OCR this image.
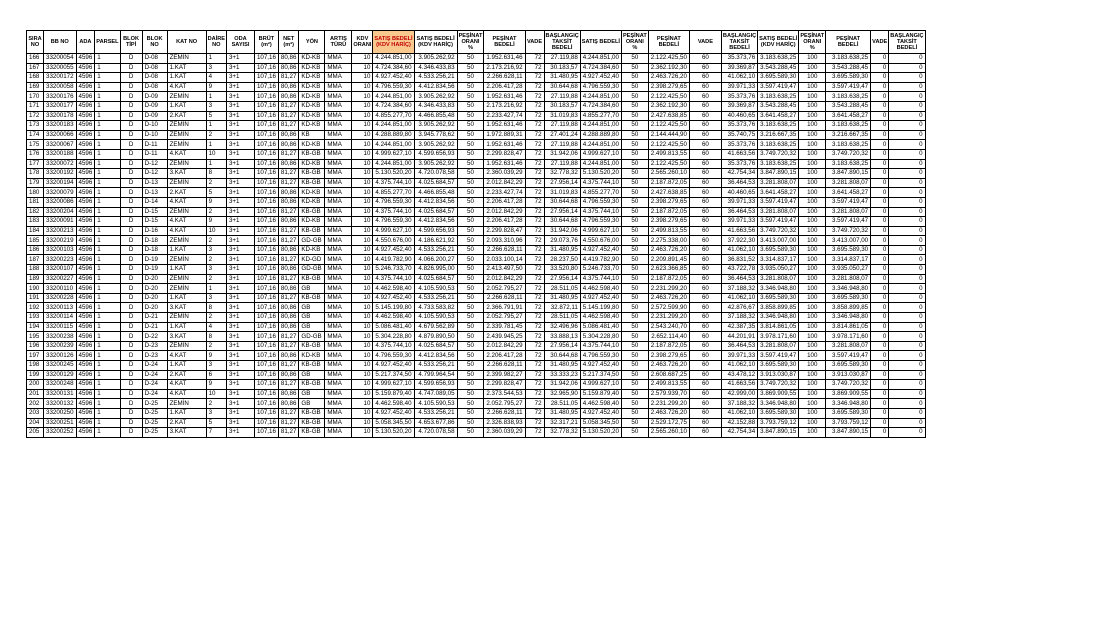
SIRA NO	BB NO	ADA	PARSEL	BLOK TİPİ	BLOK NO	KAT NO	DAİRE NO	ODA SAYISI	BRÜT (m²)	NET (m²)	YÖN	ARTIŞ TÜRÜ	KDV ORANI	SATIŞ BEDELİ (KDV HARİÇ)	SATIŞ BEDELİ (KDV HARİÇ)	PEŞİNAT ORANI %	PEŞİNAT BEDELİ	VADE	BAŞLANGIÇ TAKSİT BEDELİ	SATIŞ BEDELİ	PEŞİNAT ORANI %	PEŞİNAT BEDELİ	VADE	BAŞLANGIÇ TAKSİT BEDELİ	SATIŞ BEDELİ (KDV HARİÇ)	PEŞİNAT ORANI %	PEŞİNAT BEDELİ	VADE	BAŞLANGIÇ TAKSİT BEDELİ
166	33200054	4596	1	D	D-08	ZEMİN	1	3+1	107,16	80,86	KD-KB	MMA	10	4.244.851,00	3.905.262,92	50	1.952.631,46	72	27.119,88	4.244.851,00	50	2.122.425,50	60	35.373,76	3.183.638,25	100	3.183.638,25	0	0
167	33200055	4596	1	D	D-08	1.KAT	3	3+1	107,16	80,86	KD-KB	MMA	10	4.724.384,60	4.346.433,83	50	2.173.216,92	72	30.183,57	4.724.384,60	50	2.362.192,30	60	39.369,87	3.543.288,45	100	3.543.288,45	0	0
168	33200172	4596	1	D	D-08	1.KAT	4	3+1	107,16	81,27	KD-KB	MMA	10	4.927.452,40	4.533.256,21	50	2.266.628,11	72	31.480,95	4.927.452,40	50	2.463.726,20	60	41.062,10	3.695.589,30	100	3.695.589,30	0	0
169	33200058	4596	1	D	D-08	4.KAT	9	3+1	107,16	80,86	KD-KB	MMA	10	4.796.559,30	4.412.834,56	50	2.206.417,28	72	30.644,68	4.796.559,30	50	2.398.279,65	60	39.971,33	3.597.419,47	100	3.597.419,47	0	0
170	33200176	4596	1	D	D-09	ZEMİN	1	3+1	107,16	80,86	KD-KB	MMA	10	4.244.851,00	3.905.262,92	50	1.952.631,46	72	27.119,88	4.244.851,00	50	2.122.425,50	60	35.373,76	3.183.638,25	100	3.183.638,25	0	0
171	33200177	4596	1	D	D-09	1.KAT	3	3+1	107,16	81,27	KD-KB	MMA	10	4.724.384,60	4.346.433,83	50	2.173.216,92	72	30.183,57	4.724.384,60	50	2.362.192,30	60	39.369,87	3.543.288,45	100	3.543.288,45	0	0
172	33200178	4596	1	D	D-09	2.KAT	5	3+1	107,16	81,27	KD-KB	MMA	10	4.855.277,70	4.466.855,48	50	2.233.427,74	72	31.019,83	4.855.277,70	50	2.427.638,85	60	40.460,65	3.641.458,27	100	3.641.458,27	0	0
173	33200183	4596	1	D	D-10	ZEMİN	1	3+1	107,16	81,27	KD-KB	MMA	10	4.244.851,00	3.905.262,92	50	1.952.631,46	72	27.119,88	4.244.851,00	50	2.122.425,50	60	35.373,76	3.183.638,25	100	3.183.638,25	0	0
174	33200066	4596	1	D	D-10	ZEMİN	2	3+1	107,16	80,86	KB	MMA	10	4.288.889,80	3.945.778,62	50	1.972.889,31	72	27.401,24	4.288.889,80	50	2.144.444,90	60	35.740,75	3.216.667,35	100	3.216.667,35	0	0
175	33200067	4596	1	D	D-11	ZEMİN	1	3+1	107,16	80,86	KD-KB	MMA	10	4.244.851,00	3.905.262,92	50	1.952.631,46	72	27.119,88	4.244.851,00	50	2.122.425,50	60	35.373,76	3.183.638,25	100	3.183.638,25	0	0
176	33200188	4596	1	D	D-11	4.KAT	10	3+1	107,16	81,27	KB-GB	MMA	10	4.999.627,10	4.599.656,93	50	2.299.828,47	72	31.942,06	4.999.627,10	50	2.499.813,55	60	41.663,56	3.749.720,32	100	3.749.720,32	0	0
177	33200072	4596	1	D	D-12	ZEMİN	1	3+1	107,16	80,86	KD-KB	MMA	10	4.244.851,00	3.905.262,92	50	1.952.631,46	72	27.119,88	4.244.851,00	50	2.122.425,50	60	35.373,76	3.183.638,25	100	3.183.638,25	0	0
178	33200192	4596	1	D	D-12	3.KAT	8	3+1	107,16	81,27	KB-GB	MMA	10	5.130.520,20	4.720.078,58	50	2.360.039,29	72	32.778,32	5.130.520,20	50	2.565.260,10	60	42.754,34	3.847.890,15	100	3.847.890,15	0	0
179	33200194	4596	1	D	D-13	ZEMİN	2	3+1	107,16	81,27	KB-GB	MMA	10	4.375.744,10	4.025.684,57	50	2.012.842,29	72	27.956,14	4.375.744,10	50	2.187.872,05	60	36.464,53	3.281.808,07	100	3.281.808,07	0	0
180	33200079	4596	1	D	D-13	2.KAT	5	3+1	107,16	80,86	KD-KB	MMA	10	4.855.277,70	4.466.855,48	50	2.233.427,74	72	31.019,83	4.855.277,70	50	2.427.638,85	60	40.460,65	3.641.458,27	100	3.641.458,27	0	0
181	33200086	4596	1	D	D-14	4.KAT	9	3+1	107,16	80,86	KD-KB	MMA	10	4.796.559,30	4.412.834,56	50	2.206.417,28	72	30.644,68	4.796.559,30	50	2.398.279,65	60	39.971,33	3.597.419,47	100	3.597.419,47	0	0
182	33200204	4596	1	D	D-15	ZEMİN	2	3+1	107,16	81,27	KB-GB	MMA	10	4.375.744,10	4.025.684,57	50	2.012.842,29	72	27.956,14	4.375.744,10	50	2.187.872,05	60	36.464,53	3.281.808,07	100	3.281.808,07	0	0
183	33200091	4596	1	D	D-15	4.KAT	9	3+1	107,16	80,86	KD-KB	MMA	10	4.796.559,30	4.412.834,56	50	2.206.417,28	72	30.644,68	4.796.559,30	50	2.398.279,65	60	39.971,33	3.597.419,47	100	3.597.419,47	0	0
184	33200213	4596	1	D	D-16	4.KAT	10	3+1	107,16	81,27	KB-GB	MMA	10	4.999.627,10	4.599.656,93	50	2.299.828,47	72	31.942,06	4.999.627,10	50	2.499.813,55	60	41.663,56	3.749.720,32	100	3.749.720,32	0	0
185	33200219	4596	1	D	D-18	ZEMİN	2	3+1	107,16	81,27	GD-GB	MMA	10	4.550.676,00	4.186.621,92	50	2.093.310,96	72	29.073,76	4.550.676,00	50	2.275.338,00	60	37.922,30	3.413.007,00	100	3.413.007,00	0	0
186	33200103	4596	1	D	D-18	1.KAT	3	3+1	107,16	80,86	KD-KB	MMA	10	4.927.452,40	4.533.256,21	50	2.266.628,11	72	31.480,95	4.927.452,40	50	2.463.726,20	60	41.062,10	3.695.589,30	100	3.695.589,30	0	0
187	33200223	4596	1	D	D-19	ZEMİN	2	3+1	107,16	81,27	KD-GD	MMA	10	4.419.782,90	4.066.200,27	50	2.033.100,14	72	28.237,50	4.419.782,90	50	2.209.891,45	60	36.831,52	3.314.837,17	100	3.314.837,17	0	0
188	33200107	4596	1	D	D-19	1.KAT	3	3+1	107,16	80,86	GD-GB	MMA	10	5.246.733,70	4.826.995,00	50	2.413.497,50	72	33.520,80	5.246.733,70	50	2.623.366,85	60	43.722,78	3.935.050,27	100	3.935.050,27	0	0
189	33200227	4596	1	D	D-20	ZEMİN	2	3+1	107,16	81,27	KB-GB	MMA	10	4.375.744,10	4.025.684,57	50	2.012.842,29	72	27.956,14	4.375.744,10	50	2.187.872,05	60	36.464,53	3.281.808,07	100	3.281.808,07	0	0
190	33200110	4596	1	D	D-20	ZEMİN	1	3+1	107,16	80,86	GB	MMA	10	4.462.598,40	4.105.590,53	50	2.052.795,27	72	28.511,05	4.462.598,40	50	2.231.299,20	60	37.188,32	3.346.948,80	100	3.346.948,80	0	0
191	33200228	4596	1	D	D-20	1.KAT	3	3+1	107,16	81,27	KB-GB	MMA	10	4.927.452,40	4.533.256,21	50	2.266.628,11	72	31.480,95	4.927.452,40	50	2.463.726,20	60	41.062,10	3.695.589,30	100	3.695.589,30	0	0
192	33200113	4596	1	D	D-20	3.KAT	8	3+1	107,16	80,86	GB	MMA	10	5.145.199,80	4.733.583,82	50	2.366.791,91	72	32.872,11	5.145.199,80	50	2.572.599,90	60	42.876,67	3.858.899,85	100	3.858.899,85	0	0
193	33200114	4596	1	D	D-21	ZEMİN	2	3+1	107,16	80,86	GB	MMA	10	4.462.598,40	4.105.590,53	50	2.052.795,27	72	28.511,05	4.462.598,40	50	2.231.299,20	60	37.188,32	3.346.948,80	100	3.346.948,80	0	0
194	33200115	4596	1	D	D-21	1.KAT	4	3+1	107,16	80,86	GB	MMA	10	5.086.481,40	4.679.562,89	50	2.339.781,45	72	32.496,96	5.086.481,40	50	2.543.240,70	60	42.387,35	3.814.861,05	100	3.814.861,05	0	0
195	33200238	4596	1	D	D-22	3.KAT	8	3+1	107,16	81,27	GD-GB	MMA	10	5.304.228,80	4.879.890,50	50	2.439.945,25	72	33.888,13	5.304.228,80	50	2.652.114,40	60	44.201,91	3.978.171,60	100	3.978.171,60	0	0
196	33200239	4596	1	D	D-23	ZEMİN	2	3+1	107,16	81,27	KB-GB	MMA	10	4.375.744,10	4.025.684,57	50	2.012.842,29	72	27.956,14	4.375.744,10	50	2.187.872,05	60	36.464,53	3.281.808,07	100	3.281.808,07	0	0
197	33200126	4596	1	D	D-23	4.KAT	9	3+1	107,16	80,86	KD-KB	MMA	10	4.796.559,30	4.412.834,56	50	2.206.417,28	72	30.644,68	4.796.559,30	50	2.398.279,65	60	39.971,33	3.597.419,47	100	3.597.419,47	0	0
198	33200245	4596	1	D	D-24	1.KAT	3	3+1	107,16	81,27	KB-GB	MMA	10	4.927.452,40	4.533.256,21	50	2.266.628,11	72	31.480,95	4.927.452,40	50	2.463.726,20	60	41.062,10	3.695.589,30	100	3.695.589,30	0	0
199	33200129	4596	1	D	D-24	2.KAT	6	3+1	107,16	80,86	GB	MMA	10	5.217.374,50	4.799.964,54	50	2.399.982,27	72	33.333,23	5.217.374,50	50	2.608.687,25	60	43.478,12	3.913.030,87	100	3.913.030,87	0	0
200	33200248	4596	1	D	D-24	4.KAT	9	3+1	107,16	81,27	KB-GB	MMA	10	4.999.627,10	4.599.656,93	50	2.299.828,47	72	31.942,06	4.999.627,10	50	2.499.813,55	60	41.663,56	3.749.720,32	100	3.749.720,32	0	0
201	33200131	4596	1	D	D-24	4.KAT	10	3+1	107,16	80,86	GB	MMA	10	5.159.879,40	4.747.089,05	50	2.373.544,53	72	32.965,90	5.159.879,40	50	2.579.939,70	60	42.999,00	3.869.909,55	100	3.869.909,55	0	0
202	33200132	4596	1	D	D-25	ZEMİN	2	3+1	107,16	80,86	GB	MMA	10	4.462.598,40	4.105.590,53	50	2.052.795,27	72	28.511,05	4.462.598,40	50	2.231.299,20	60	37.188,32	3.346.948,80	100	3.346.948,80	0	0
203	33200250	4596	1	D	D-25	1.KAT	3	3+1	107,16	81,27	KB-GB	MMA	10	4.927.452,40	4.533.256,21	50	2.266.628,11	72	31.480,95	4.927.452,40	50	2.463.726,20	60	41.062,10	3.695.589,30	100	3.695.589,30	0	0
204	33200251	4596	1	D	D-25	2.KAT	5	3+1	107,16	81,27	KB-GB	MMA	10	5.058.345,50	4.653.677,86	50	2.326.838,93	72	32.317,21	5.058.345,50	50	2.529.172,75	60	42.152,88	3.793.759,12	100	3.793.759,12	0	0
205	33200252	4596	1	D	D-25	3.KAT	7	3+1	107,16	81,27	KB-GB	MMA	10	5.130.520,20	4.720.078,58	50	2.360.039,29	72	32.778,32	5.130.520,20	50	2.565.260,10	60	42.754,34	3.847.890,15	100	3.847.890,15	0	0
